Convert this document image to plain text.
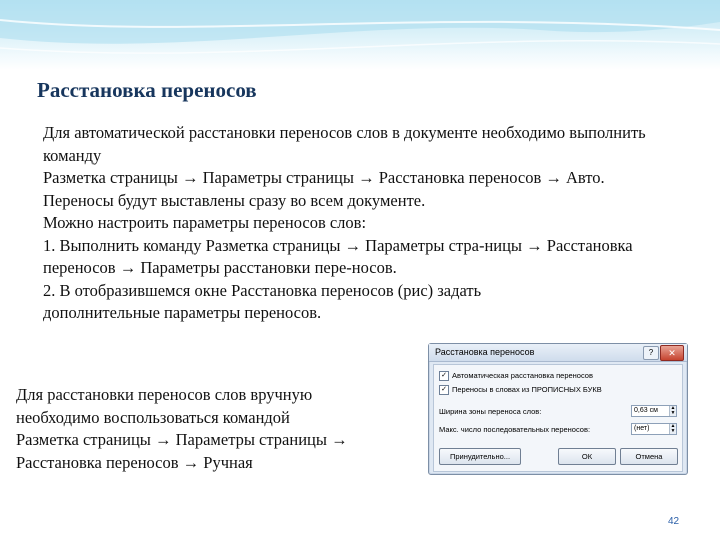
Расстановка переносов

Для автоматической расстановки переносов слов в документе необходимо выполнить команду

Разметка страницы → Параметры страницы → Расстановка переносов → Авто.

Переносы будут выставлены сразу во всем документе.

Можно настроить параметры переносов слов:

1. Выполнить команду Разметка страницы → Параметры стра-ницы → Расстановка переносов → Параметры расстановки пере-носов.

2. В отобразившемся окне Расстановка переносов (рис) задать дополнительные параметры переносов.

Для расстановки переносов слов вручную необходимо воспользоваться командой

Разметка страницы → Параметры страницы → Расстановка переносов → Ручная

Расстановка переносов	?	✕
✓ Автоматическая расстановка переносов
✓ Переносы в словах из ПРОПИСНЫХ БУКВ
Ширина зоны переноса слов:	0,63 см	▲
▼
Макс. число последовательных переносов:	(нет)	▲
▼
Принудительно...	ОК	Отмена
42
